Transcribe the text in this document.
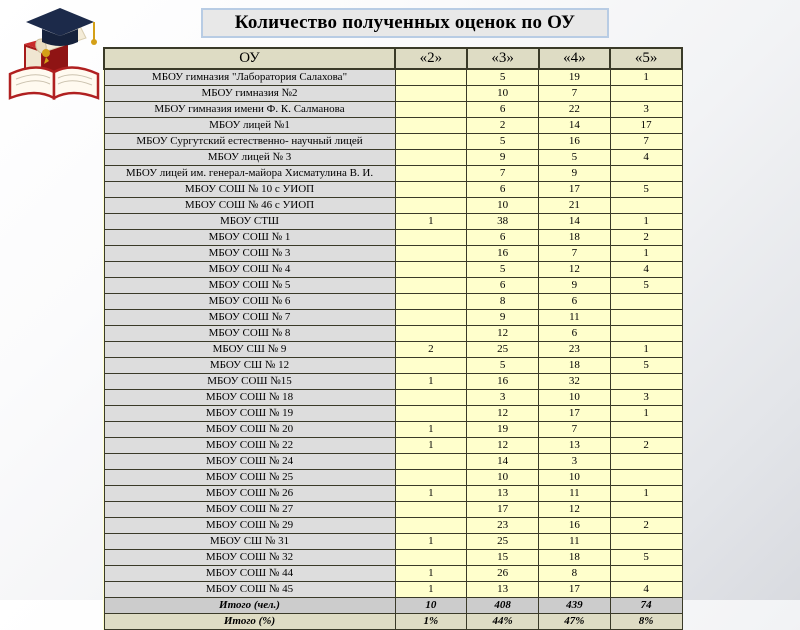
Количество полученных оценок по ОУ
ОУ	«2»	«3»	«4»	«5»
МБОУ гимназия "Лаборатория Салахова"		5	19	1
МБОУ гимназия №2		10	7	
МБОУ гимназия имени Ф. К. Салманова		6	22	3
МБОУ лицей №1		2	14	17
МБОУ Сургутский естественно- научный лицей		5	16	7
МБОУ лицей № 3		9	5	4
МБОУ лицей им. генерал-майора Хисматулина В. И.		7	9	
МБОУ СОШ № 10 с УИОП		6	17	5
МБОУ СОШ № 46 с УИОП		10	21	
МБОУ СТШ	1	38	14	1
МБОУ СОШ № 1		6	18	2
МБОУ СОШ № 3		16	7	1
МБОУ СОШ № 4		5	12	4
МБОУ СОШ № 5		6	9	5
МБОУ СОШ № 6		8	6	
МБОУ СОШ № 7		9	11	
МБОУ СОШ № 8		12	6	
МБОУ СШ № 9	2	25	23	1
МБОУ СШ № 12		5	18	5
МБОУ СОШ №15	1	16	32	
МБОУ СОШ № 18		3	10	3
МБОУ СОШ № 19		12	17	1
МБОУ СОШ № 20	1	19	7	
МБОУ СОШ № 22	1	12	13	2
МБОУ СОШ № 24		14	3	
МБОУ СОШ № 25		10	10	
МБОУ СОШ № 26	1	13	11	1
МБОУ СОШ № 27		17	12	
МБОУ СОШ № 29		23	16	2
МБОУ СШ № 31	1	25	11	
МБОУ СОШ № 32		15	18	5
МБОУ СОШ № 44	1	26	8	
МБОУ СОШ № 45	1	13	17	4
Итого (чел.)	10	408	439	74
Итого (%)	1%	44%	47%	8%
